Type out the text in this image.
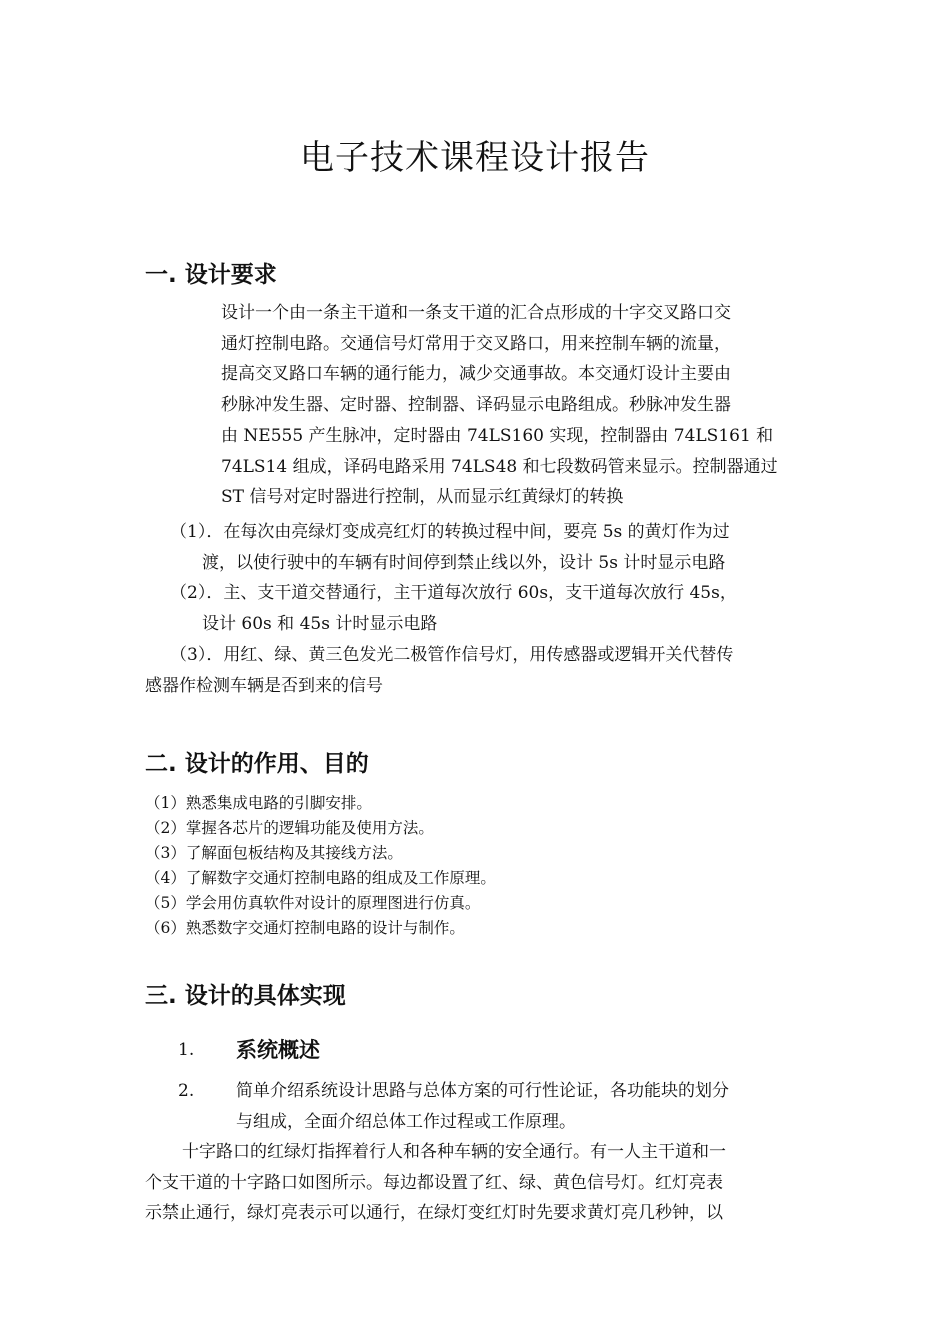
电子技术课程设计报告
一. 设计要求
设计一个由一条主干道和一条支干道的汇合点形成的十字交叉路口交
通灯控制电路。交通信号灯常用于交叉路口，用来控制车辆的流量，
提高交叉路口车辆的通行能力，减少交通事故。本交通灯设计主要由
秒脉冲发生器、定时器、控制器、译码显示电路组成。秒脉冲发生器
由 NE555 产生脉冲，定时器由 74LS160 实现，控制器由 74LS161 和
74LS14 组成，译码电路采用 74LS48 和七段数码管来显示。控制器通过
ST 信号对定时器进行控制，从而显示红黄绿灯的转换
（1）．在每次由亮绿灯变成亮红灯的转换过程中间，要亮 5s 的黄灯作为过
渡，以使行驶中的车辆有时间停到禁止线以外，设计 5s 计时显示电路
（2）．主、支干道交替通行，主干道每次放行 60s，支干道每次放行 45s，
设计 60s 和 45s 计时显示电路
（3）．用红、绿、黄三色发光二极管作信号灯，用传感器或逻辑开关代替传
感器作检测车辆是否到来的信号
二. 设计的作用、目的
（1）熟悉集成电路的引脚安排。
（2）掌握各芯片的逻辑功能及使用方法。
（3）了解面包板结构及其接线方法。
（4）了解数字交通灯控制电路的组成及工作原理。
（5）学会用仿真软件对设计的原理图进行仿真。
（6）熟悉数字交通灯控制电路的设计与制作。
三. 设计的具体实现
1. 系统概述
2. 简单介绍系统设计思路与总体方案的可行性论证，各功能块的划分
与组成，全面介绍总体工作过程或工作原理。
十字路口的红绿灯指挥着行人和各种车辆的安全通行。有一人主干道和一
个支干道的十字路口如图所示。每边都设置了红、绿、黄色信号灯。红灯亮表
示禁止通行，绿灯亮表示可以通行，在绿灯变红灯时先要求黄灯亮几秒钟，以
